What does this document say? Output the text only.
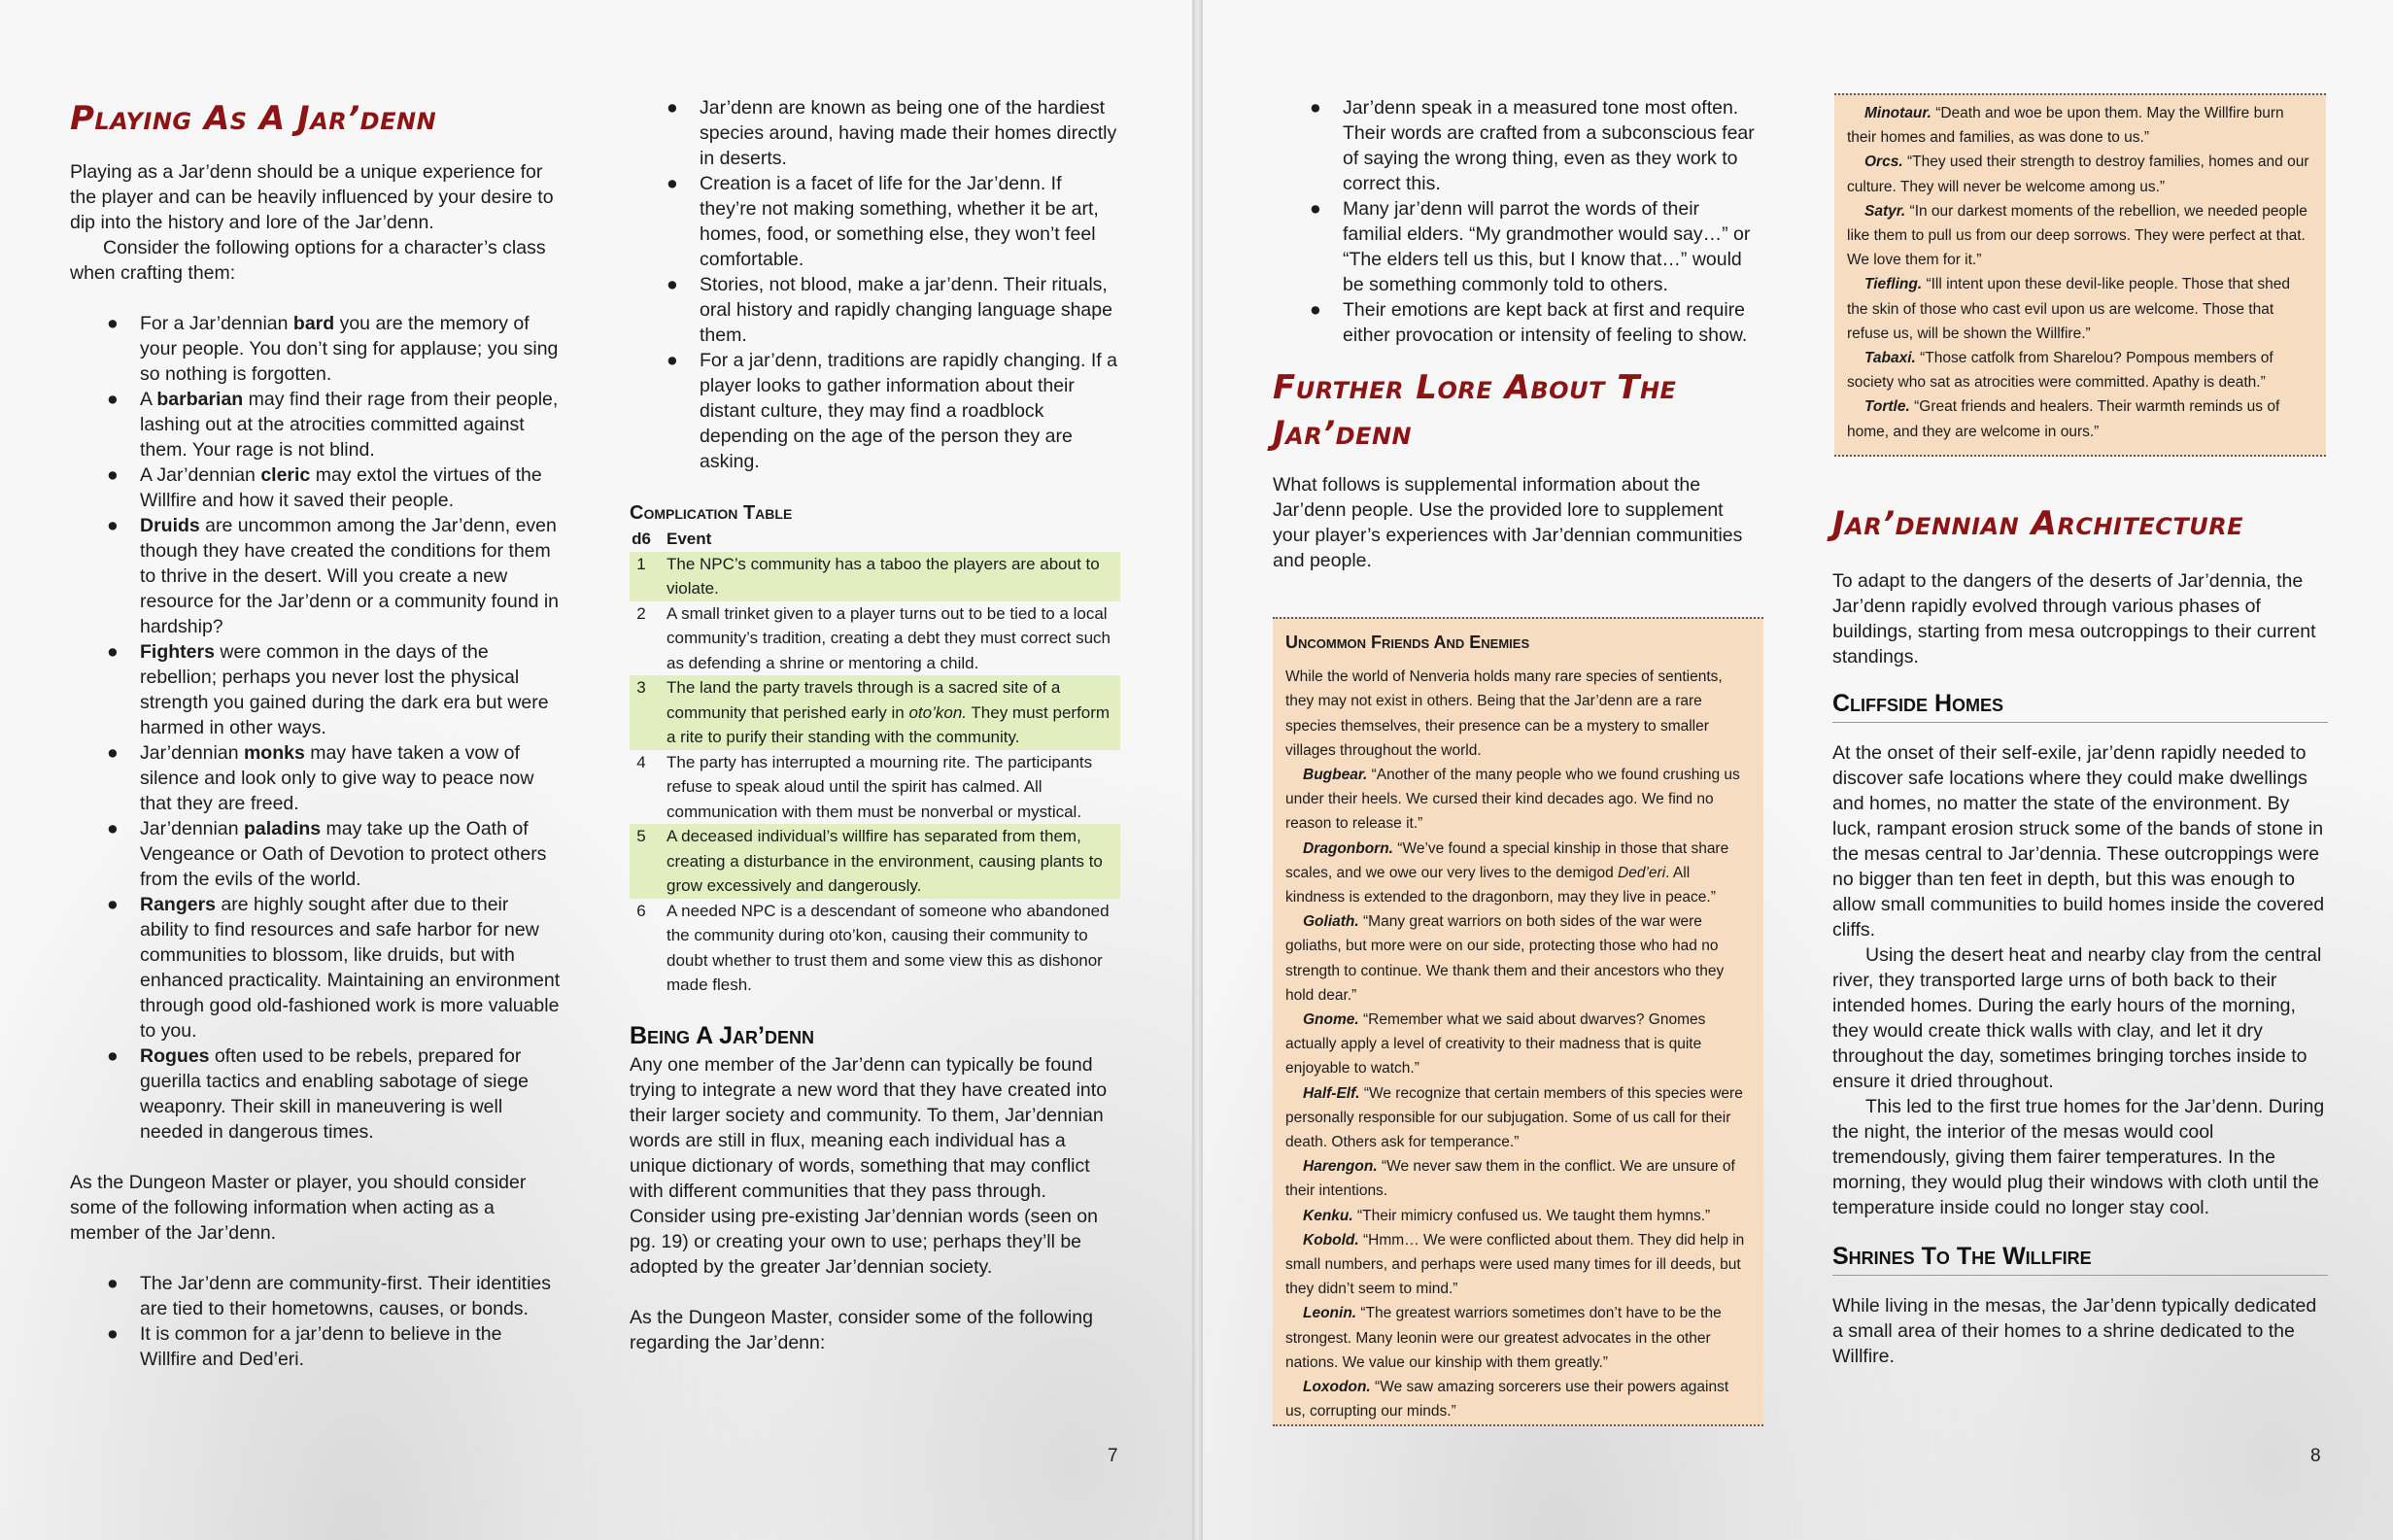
Playing As A Jar’denn

Playing as a Jar’denn should be a unique experience for the player and can be heavily influenced by your desire to dip into the history and lore of the Jar’denn.

Consider the following options for a character’s class when crafting them:

● For a Jar’dennian bard you are the memory of your people. You don’t sing for applause; you sing so nothing is forgotten.
● A barbarian may find their rage from their people, lashing out at the atrocities committed against them. Your rage is not blind.
● A Jar’dennian cleric may extol the virtues of the Willfire and how it saved their people.
● Druids are uncommon among the Jar’denn, even though they have created the conditions for them to thrive in the desert. Will you create a new resource for the Jar’denn or a community found in hardship?
● Fighters were common in the days of the rebellion; perhaps you never lost the physical strength you gained during the dark era but were harmed in other ways.
● Jar’dennian monks may have taken a vow of silence and look only to give way to peace now that they are freed.
● Jar’dennian paladins may take up the Oath of Vengeance or Oath of Devotion to protect others from the evils of the world.
● Rangers are highly sought after due to their ability to find resources and safe harbor for new communities to blossom, like druids, but with enhanced practicality. Maintaining an environment through good old-fashioned work is more valuable to you.
● Rogues often used to be rebels, prepared for guerilla tactics and enabling sabotage of siege weaponry. Their skill in maneuvering is well needed in dangerous times.

As the Dungeon Master or player, you should consider some of the following information when acting as a member of the Jar’denn.

● The Jar’denn are community-first. Their identities are tied to their hometowns, causes, or bonds.
● It is common for a jar’denn to believe in the Willfire and Ded’eri.
● Jar’denn are known as being one of the hardiest species around, having made their homes directly in deserts.
● Creation is a facet of life for the Jar’denn. If they’re not making something, whether it be art, homes, food, or something else, they won’t feel comfortable.
● Stories, not blood, make a jar’denn. Their rituals, oral history and rapidly changing language shape them.
● For a jar’denn, traditions are rapidly changing. If a player looks to gather information about their distant culture, they may find a roadblock depending on the age of the person they are asking.
Complication Table
d6 Event
1	The NPC’s community has a taboo the players are about to violate.
2	A small trinket given to a player turns out to be tied to a local community’s tradition, creating a debt they must correct such as defending a shrine or mentoring a child.
3	The land the party travels through is a sacred site of a community that perished early in oto’kon. They must perform a rite to purify their standing with the community.
4	The party has interrupted a mourning rite. The participants refuse to speak aloud until the spirit has calmed. All communication with them must be nonverbal or mystical.
5	A deceased individual’s willfire has separated from them, creating a disturbance in the environment, causing plants to grow excessively and dangerously.
6	A needed NPC is a descendant of someone who abandoned the community during oto’kon, causing their community to doubt whether to trust them and some view this as dishonor made flesh.
Being A Jar’denn

Any one member of the Jar’denn can typically be found trying to integrate a new word that they have created into their larger society and community. To them, Jar’dennian words are still in flux, meaning each individual has a unique dictionary of words, something that may conflict with different communities that they pass through. Consider using pre-existing Jar’dennian words (seen on pg. 19) or creating your own to use; perhaps they’ll be adopted by the greater Jar’dennian society.

As the Dungeon Master, consider some of the following regarding the Jar’denn:

7
● Jar’denn speak in a measured tone most often. Their words are crafted from a subconscious fear of saying the wrong thing, even as they work to correct this.
● Many jar’denn will parrot the words of their familial elders. “My grandmother would say…” or “The elders tell us this, but I know that…” would be something commonly told to others.
● Their emotions are kept back at first and require either provocation or intensity of feeling to show.
Further Lore About The
Jar’denn

What follows is supplemental information about the Jar’denn people. Use the provided lore to supplement your player’s experiences with Jar’dennian communities and people.

Uncommon Friends And Enemies

While the world of Nenveria holds many rare species of sentients, they may not exist in others. Being that the Jar’denn are a rare species themselves, their presence can be a mystery to smaller villages throughout the world.

Bugbear. “Another of the many people who we found crushing us under their heels. We cursed their kind decades ago. We find no reason to release it.”

Dragonborn. “We’ve found a special kinship in those that share scales, and we owe our very lives to the demigod Ded’eri. All kindness is extended to the dragonborn, may they live in peace.”

Goliath. “Many great warriors on both sides of the war were goliaths, but more were on our side, protecting those who had no strength to continue. We thank them and their ancestors who they hold dear.”

Gnome. “Remember what we said about dwarves? Gnomes actually apply a level of creativity to their madness that is quite enjoyable to watch.”

Half-Elf. “We recognize that certain members of this species were personally responsible for our subjugation. Some of us call for their death. Others ask for temperance.”

Harengon. “We never saw them in the conflict. We are unsure of their intentions.

Kenku. “Their mimicry confused us. We taught them hymns.”

Kobold. “Hmm… We were conflicted about them. They did help in small numbers, and perhaps were used many times for ill deeds, but they didn’t seem to mind.”

Leonin. “The greatest warriors sometimes don’t have to be the strongest. Many leonin were our greatest advocates in the other nations. We value our kinship with them greatly.”

Loxodon. “We saw amazing sorcerers use their powers against us, corrupting our minds.”

Minotaur. “Death and woe be upon them. May the Willfire burn their homes and families, as was done to us.”

Orcs. “They used their strength to destroy families, homes and our culture. They will never be welcome among us.”

Satyr. “In our darkest moments of the rebellion, we needed people like them to pull us from our deep sorrows. They were perfect at that. We love them for it.”

Tiefling. “Ill intent upon these devil-like people. Those that shed the skin of those who cast evil upon us are welcome. Those that refuse us, will be shown the Willfire.”

Tabaxi. “Those catfolk from Sharelou? Pompous members of society who sat as atrocities were committed. Apathy is death.”

Tortle. “Great friends and healers. Their warmth reminds us of home, and they are welcome in ours.”

Jar’dennian Architecture

To adapt to the dangers of the deserts of Jar’dennia, the Jar’denn rapidly evolved through various phases of buildings, starting from mesa outcroppings to their current standings.

Cliffside Homes

At the onset of their self-exile, jar’denn rapidly needed to discover safe locations where they could make dwellings and homes, no matter the state of the environment. By luck, rampant erosion struck some of the bands of stone in the mesas central to Jar’dennia. These outcroppings were no bigger than ten feet in depth, but this was enough to allow small communities to build homes inside the covered cliffs.

Using the desert heat and nearby clay from the central river, they transported large urns of both back to their intended homes. During the early hours of the morning, they would create thick walls with clay, and let it dry throughout the day, sometimes bringing torches inside to ensure it dried throughout.

This led to the first true homes for the Jar’denn. During the night, the interior of the mesas would cool tremendously, giving them fairer temperatures. In the morning, they would plug their windows with cloth until the temperature inside could no longer stay cool.

Shrines To The Willfire

While living in the mesas, the Jar’denn typically dedicated a small area of their homes to a shrine dedicated to the Willfire.

8
